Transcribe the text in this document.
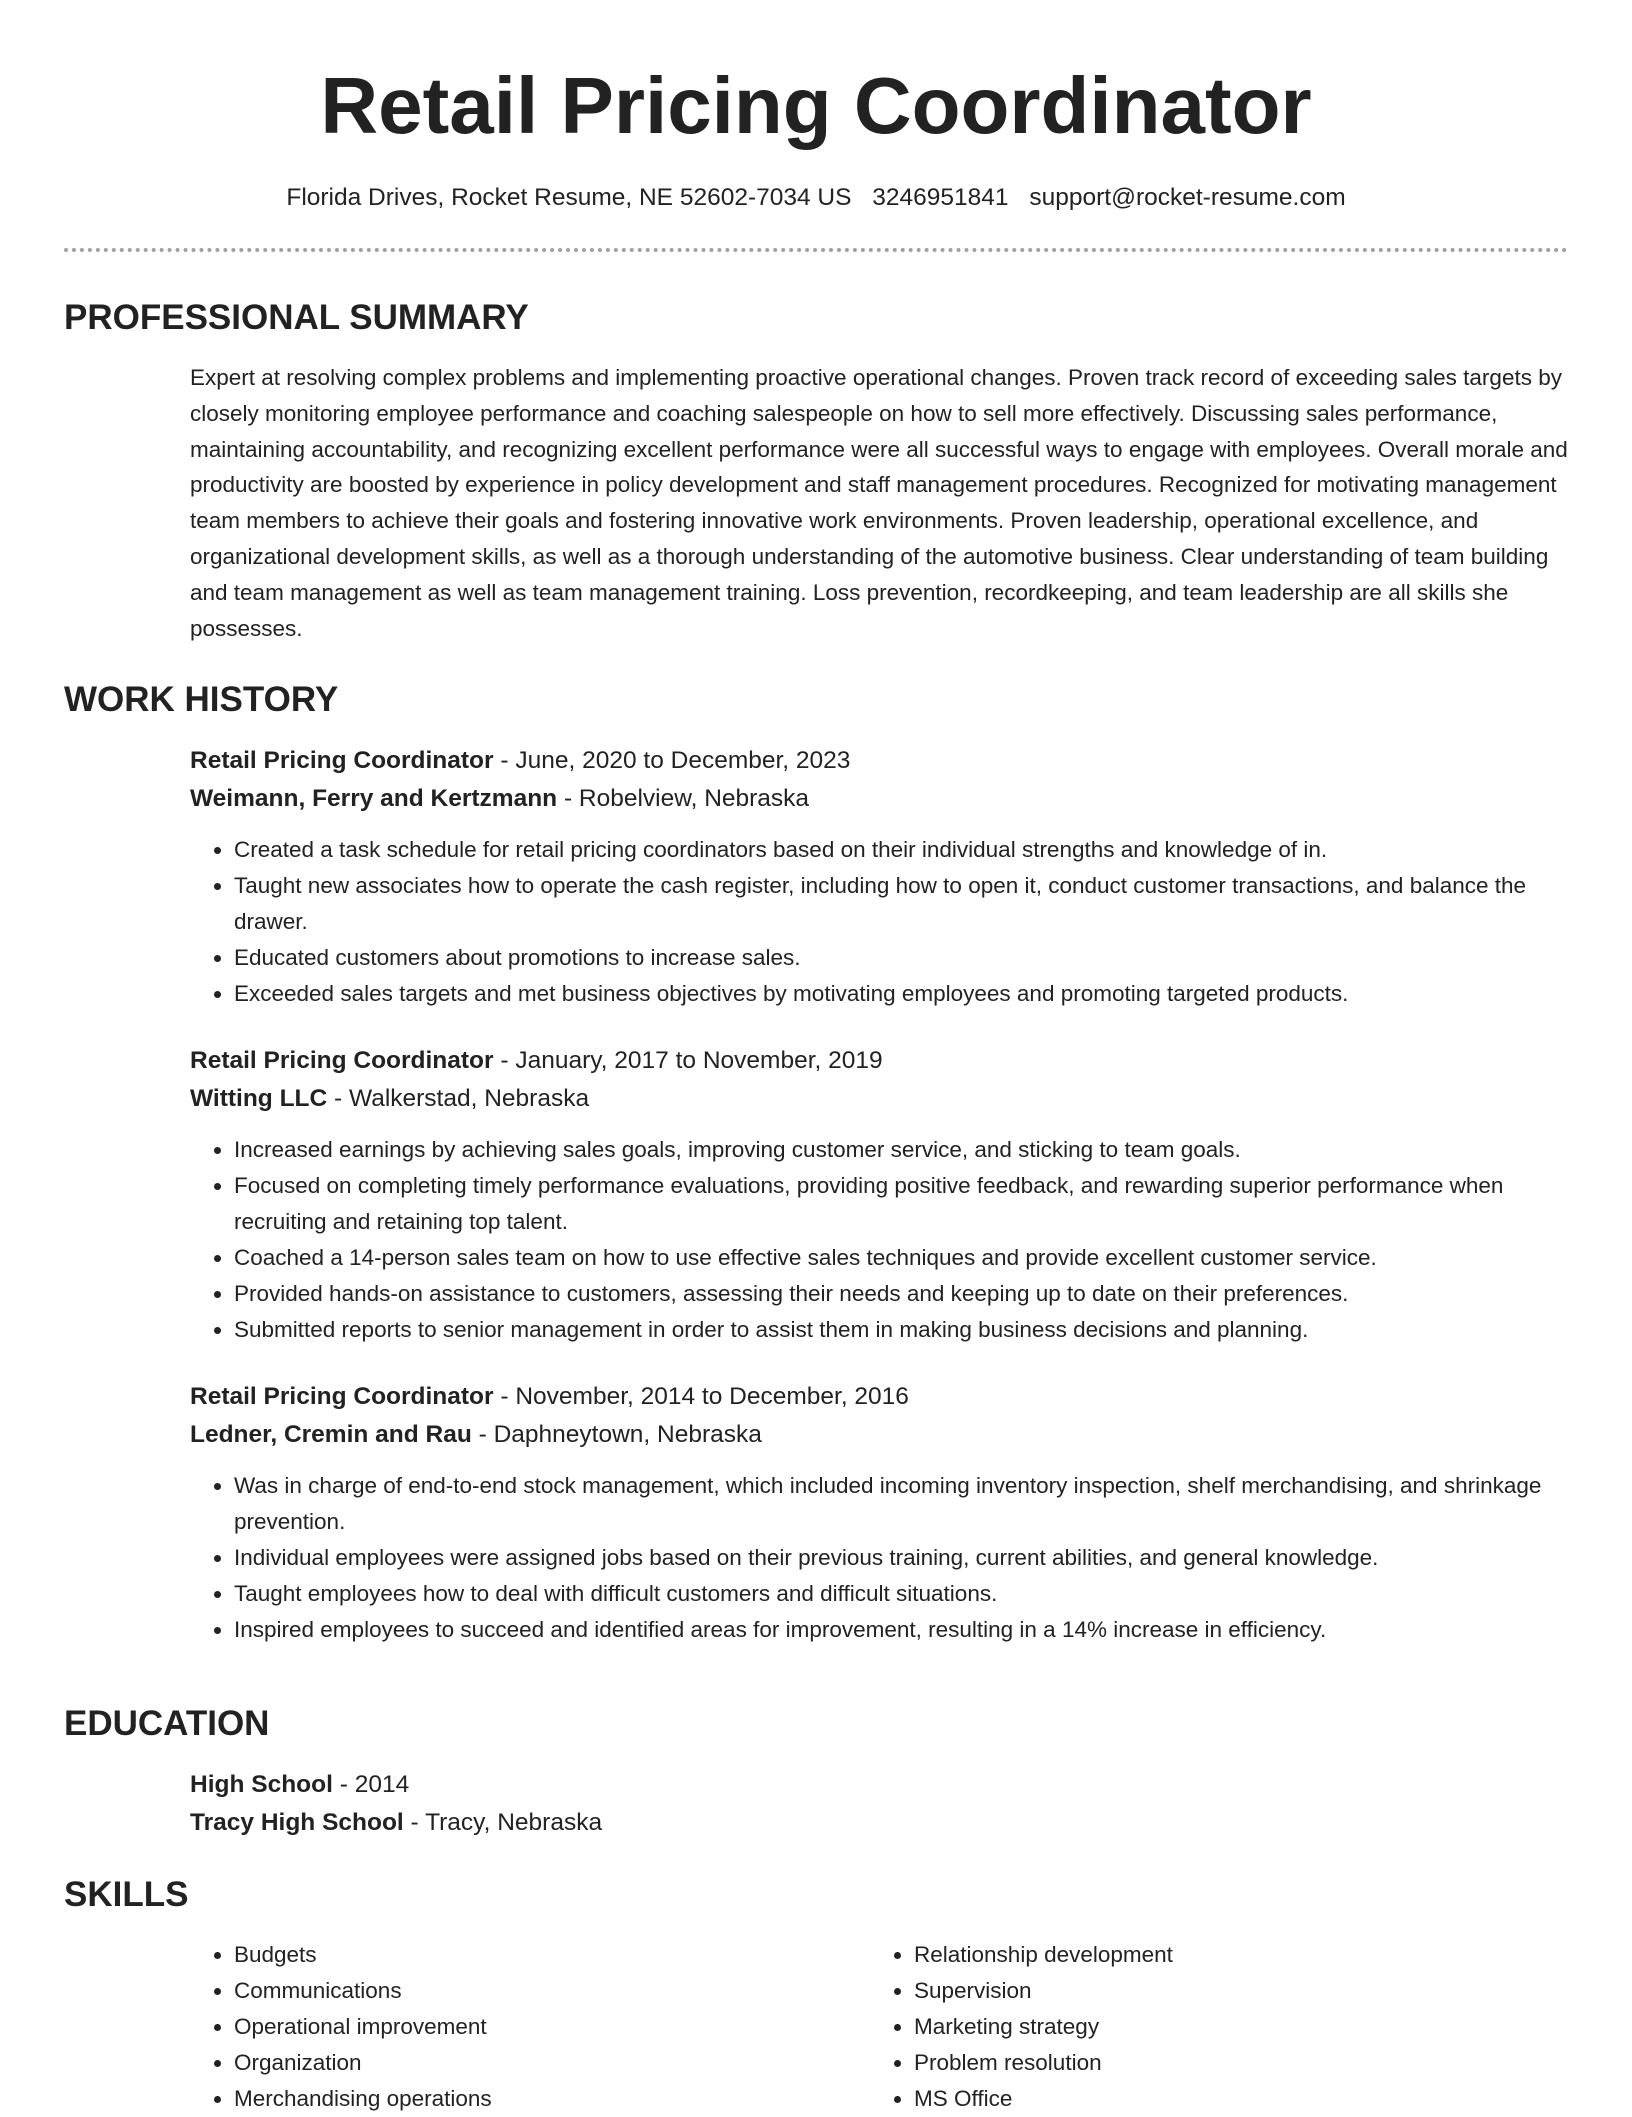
Retail Pricing Coordinator
Florida Drives, Rocket Resume, NE 52602-7034 US 3246951841 support@rocket-resume.com
PROFESSIONAL SUMMARY
Expert at resolving complex problems and implementing proactive operational changes. Proven track record of exceeding sales targets by closely monitoring employee performance and coaching salespeople on how to sell more effectively. Discussing sales performance, maintaining accountability, and recognizing excellent performance were all successful ways to engage with employees. Overall morale and productivity are boosted by experience in policy development and staff management procedures. Recognized for motivating management team members to achieve their goals and fostering innovative work environments. Proven leadership, operational excellence, and organizational development skills, as well as a thorough understanding of the automotive business. Clear understanding of team building and team management as well as team management training. Loss prevention, recordkeeping, and team leadership are all skills she possesses.
WORK HISTORY
Retail Pricing Coordinator - June, 2020 to December, 2023
Weimann, Ferry and Kertzmann - Robelview, Nebraska
• Created a task schedule for retail pricing coordinators based on their individual strengths and knowledge of in.
• Taught new associates how to operate the cash register, including how to open it, conduct customer transactions, and balance the drawer.
• Educated customers about promotions to increase sales.
• Exceeded sales targets and met business objectives by motivating employees and promoting targeted products.
Retail Pricing Coordinator - January, 2017 to November, 2019
Witting LLC - Walkerstad, Nebraska
• Increased earnings by achieving sales goals, improving customer service, and sticking to team goals.
• Focused on completing timely performance evaluations, providing positive feedback, and rewarding superior performance when recruiting and retaining top talent.
• Coached a 14-person sales team on how to use effective sales techniques and provide excellent customer service.
• Provided hands-on assistance to customers, assessing their needs and keeping up to date on their preferences.
• Submitted reports to senior management in order to assist them in making business decisions and planning.
Retail Pricing Coordinator - November, 2014 to December, 2016
Ledner, Cremin and Rau - Daphneytown, Nebraska
• Was in charge of end-to-end stock management, which included incoming inventory inspection, shelf merchandising, and shrinkage prevention.
• Individual employees were assigned jobs based on their previous training, current abilities, and general knowledge.
• Taught employees how to deal with difficult customers and difficult situations.
• Inspired employees to succeed and identified areas for improvement, resulting in a 14% increase in efficiency.
EDUCATION
High School - 2014
Tracy High School - Tracy, Nebraska
SKILLS
• Budgets
• Communications
• Operational improvement
• Organization
• Merchandising operations
• Relationship development
• Supervision
• Marketing strategy
• Problem resolution
• MS Office
